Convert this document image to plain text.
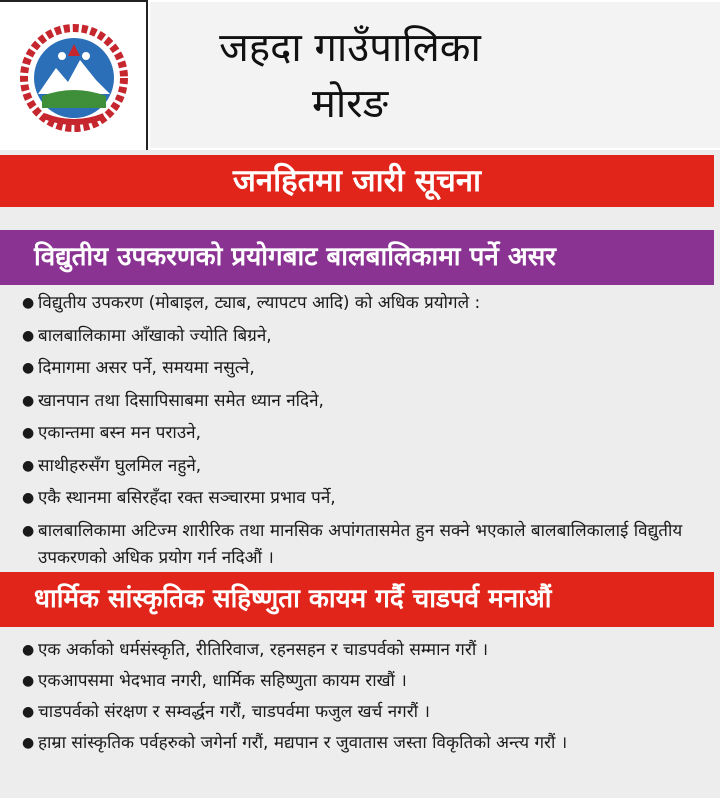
जहदा गाउँपालिका
मोरङ
जनहितमा जारी सूचना
विद्युतीय उपकरणको प्रयोगबाट बालबालिकामा पर्ने असर
● विद्युतीय उपकरण (मोबाइल, ट्याब, ल्यापटप आदि) को अधिक प्रयोगले :
● बालबालिकामा आँखाको ज्योति बिग्रने,
● दिमागमा असर पर्ने, समयमा नसुत्ने,
● खानपान तथा दिसापिसाबमा समेत ध्यान नदिने,
● एकान्तमा बस्न मन पराउने,
● साथीहरुसँग घुलमिल नहुने,
● एकै स्थानमा बसिरहँदा रक्त सञ्चारमा प्रभाव पर्ने,
● बालबालिकामा अटिज्म शारीरिक तथा मानसिक अपांगतासमेत हुन सक्ने भएकाले बालबालिकालाई विद्युतीय उपकरणको अधिक प्रयोग गर्न नदिऔं ।
धार्मिक सांस्कृतिक सहिष्णुता कायम गर्दै चाडपर्व मनाऔं
● एक अर्काको धर्मसंस्कृति, रीतिरिवाज, रहनसहन र चाडपर्वको सम्मान गरौं ।
● एकआपसमा भेदभाव नगरी, धार्मिक सहिष्णुता कायम राखौं ।
● चाडपर्वको संरक्षण र सम्वर्द्धन गरौं, चाडपर्वमा फजुल खर्च नगरौं ।
● हाम्रा सांस्कृतिक पर्वहरुको जगेर्ना गरौं, मद्यपान र जुवातास जस्ता विकृतिको अन्त्य गरौं ।
